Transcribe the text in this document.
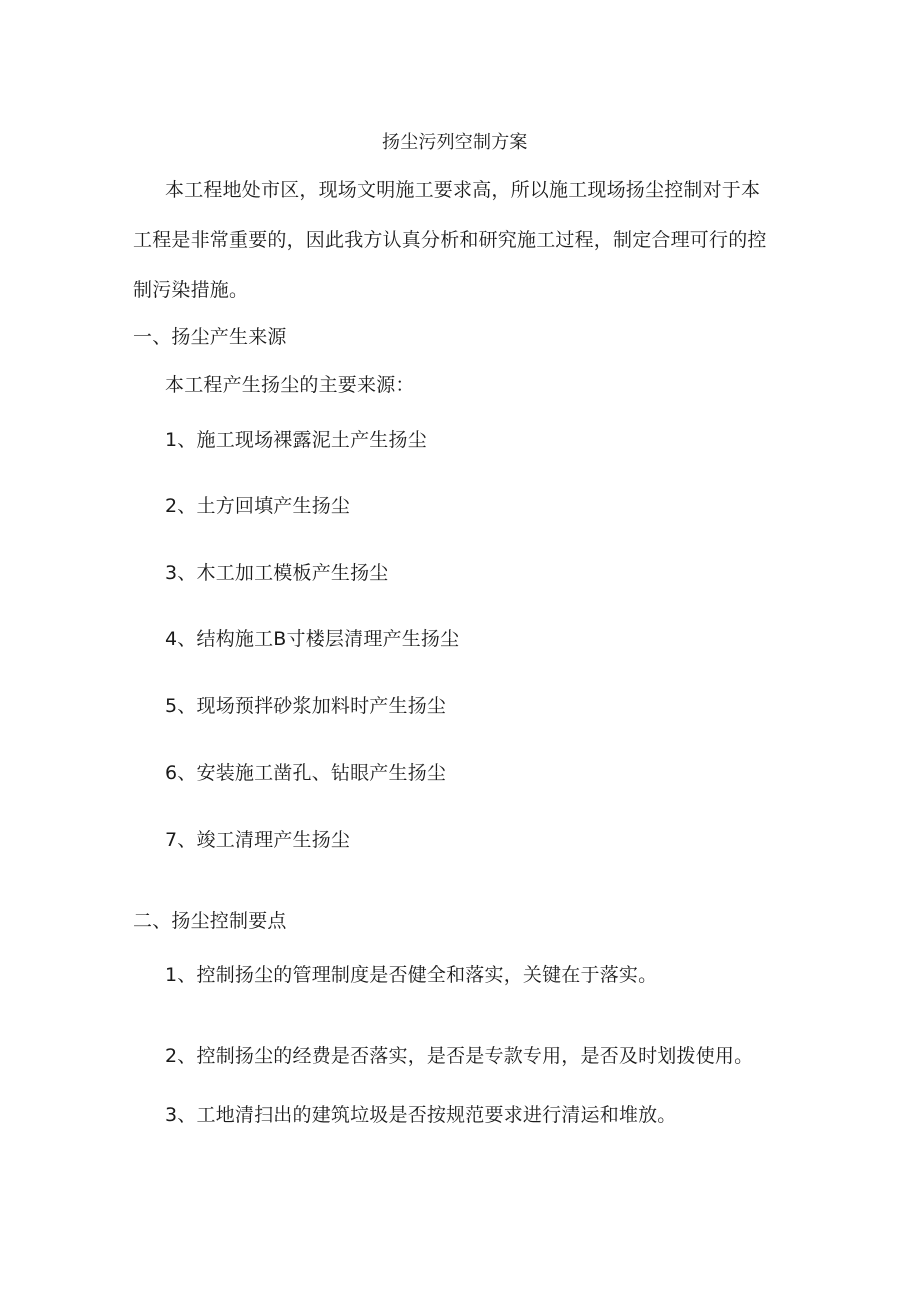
扬尘污列空制方案
本工程地处市区，现场文明施工要求高，所以施工现场扬尘控制对于本
工程是非常重要的，因此我方认真分析和研究施工过程，制定合理可行的控
制污染措施。
一、扬尘产生来源
本工程产生扬尘的主要来源：
1、施工现场裸露泥土产生扬尘
2、土方回填产生扬尘
3、木工加工模板产生扬尘
4、结构施工B寸楼层清理产生扬尘
5、现场预拌砂浆加料时产生扬尘
6、安装施工凿孔、钻眼产生扬尘
7、竣工清理产生扬尘
二、扬尘控制要点
1、控制扬尘的管理制度是否健全和落实，关键在于落实。
2、控制扬尘的经费是否落实，是否是专款专用，是否及时划拨使用。
3、工地清扫出的建筑垃圾是否按规范要求进行清运和堆放。
